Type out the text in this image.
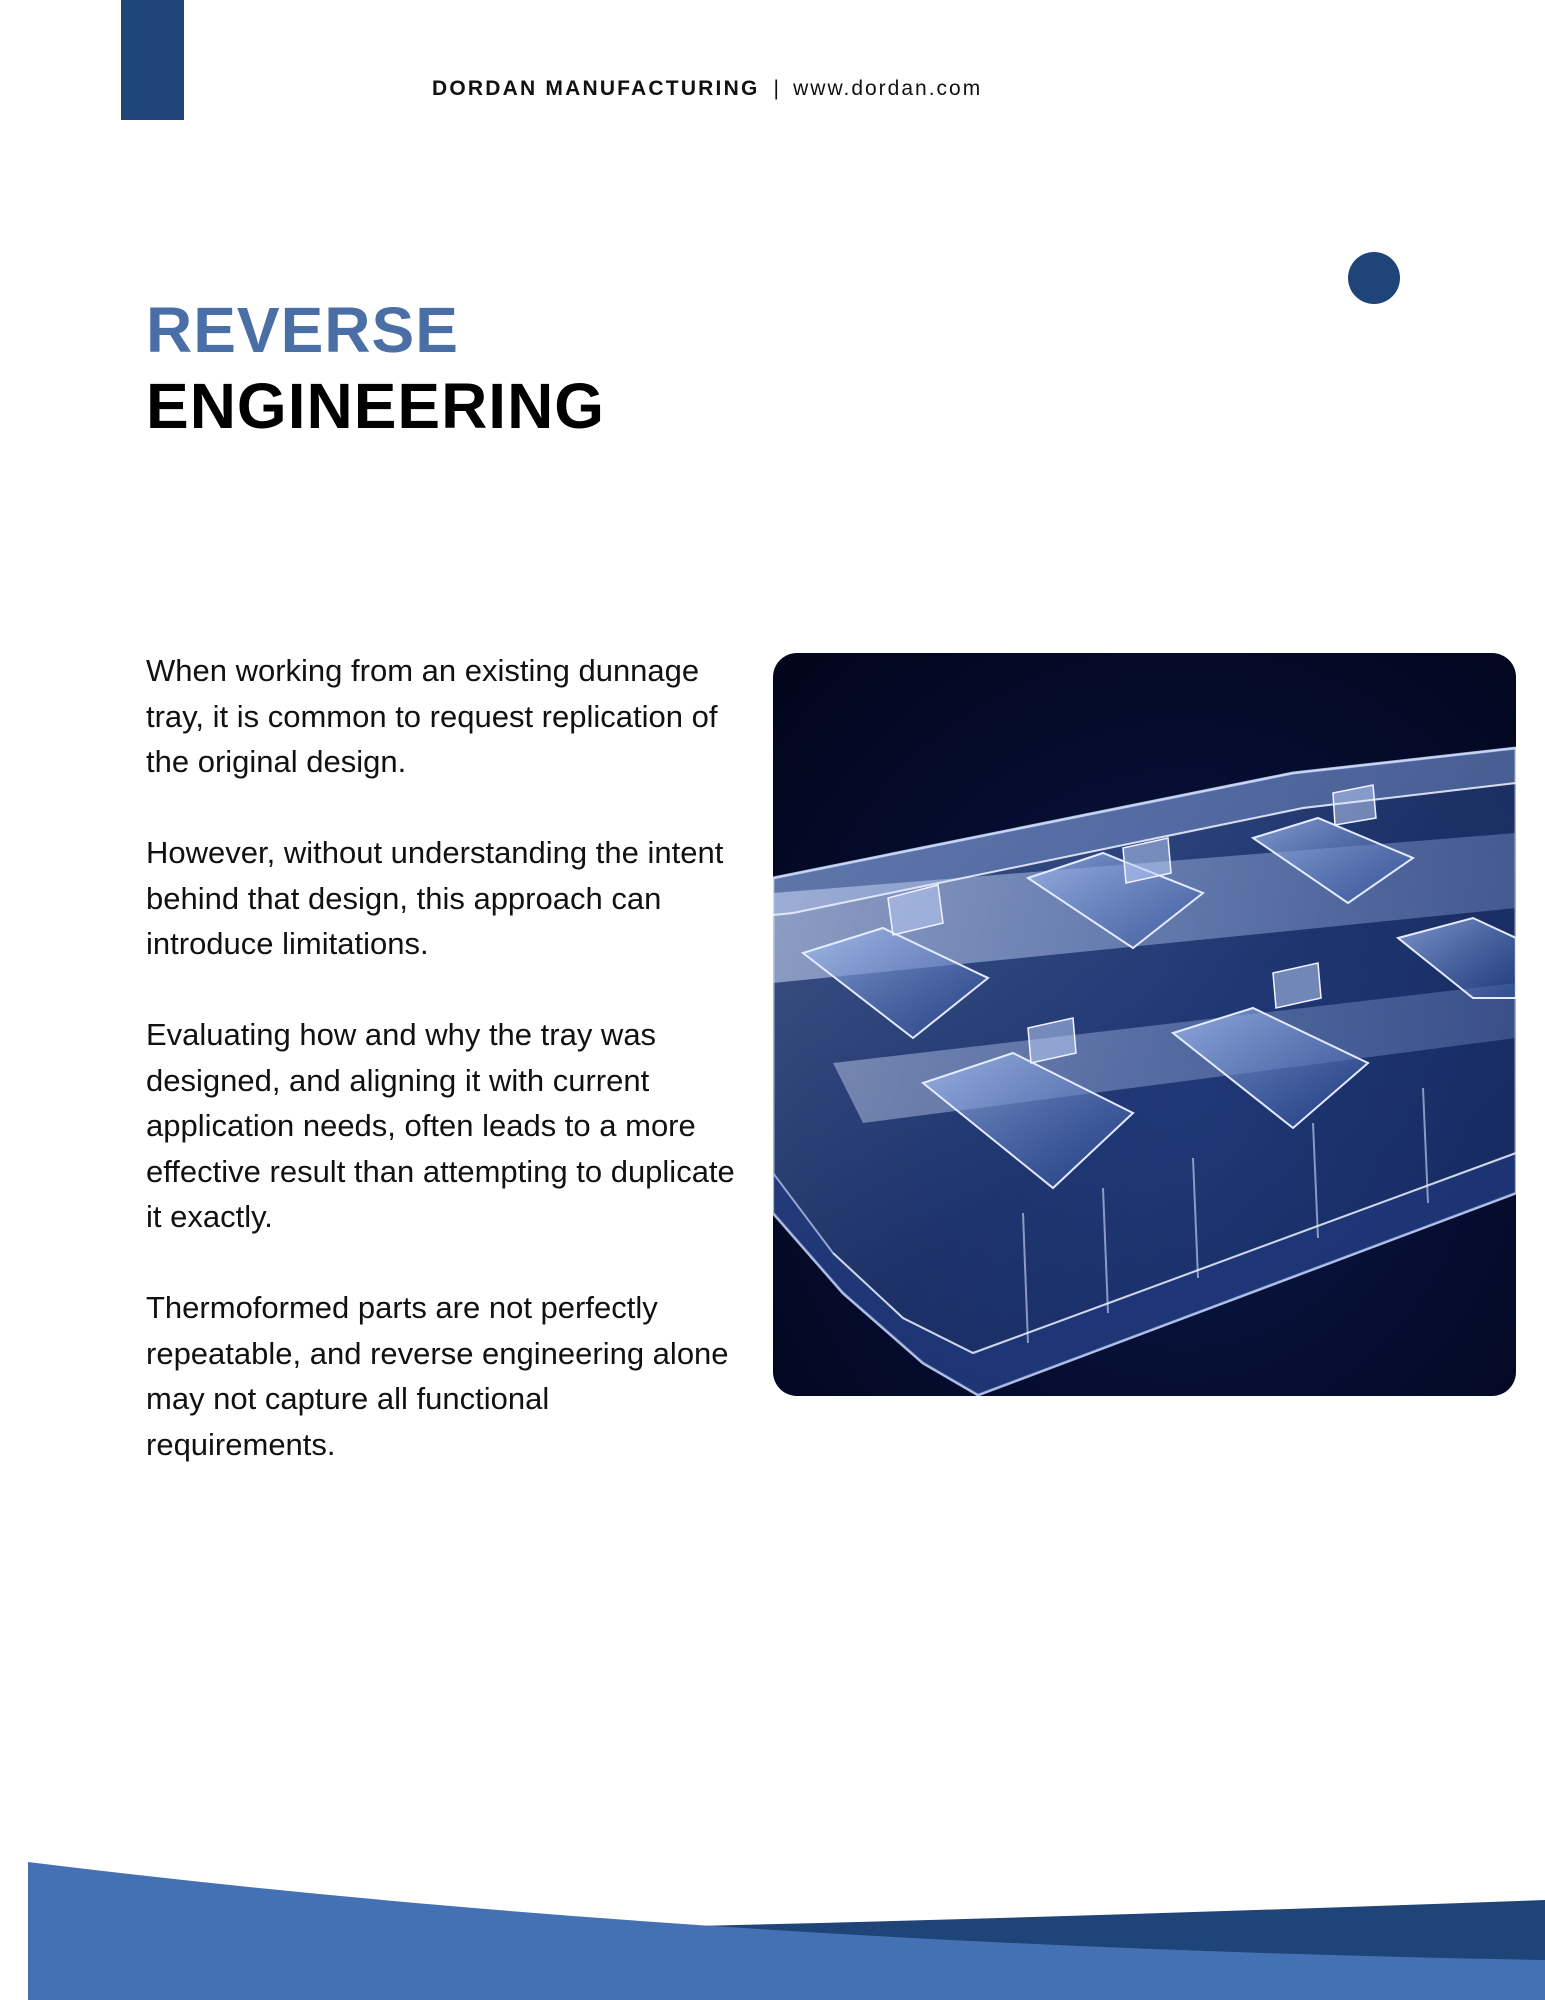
DORDAN MANUFACTURING | www.dordan.com
REVERSE
ENGINEERING

When working from an existing dunnage tray, it is common to request replication of the original design.

However, without understanding the intent behind that design, this approach can introduce limitations.

Evaluating how and why the tray was designed, and aligning it with current application needs, often leads to a more effective result than attempting to duplicate it exactly.

Thermoformed parts are not perfectly repeatable, and reverse engineering alone may not capture all functional requirements.
